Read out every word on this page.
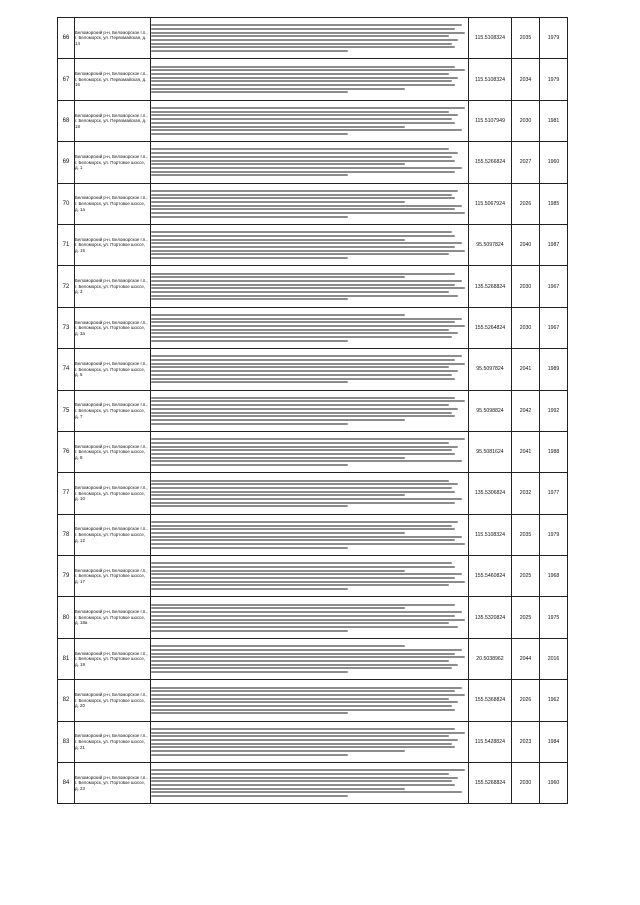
66	Беломорский р-н, Беломорское г.п., г. Беломорск, ул. Первомайская, д. 14		115.5108324	2035	1979
67	Беломорский р-н, Беломорское г.п., г. Беломорск, ул. Первомайская, д. 16		115.5108324	2034	1979
68	Беломорский р-н, Беломорское г.п., г. Беломорск, ул. Первомайская, д. 18		115.5107949	2030	1981
69	Беломорский р-н, Беломорское г.п., г. Беломорск, ул. Портовое шоссе, д. 1		155.5266824	2027	1960
70	Беломорский р-н, Беломорское г.п., г. Беломорск, ул. Портовое шоссе, д. 1а		115.5067924	2026	1985
71	Беломорский р-н, Беломорское г.п., г. Беломорск, ул. Портовое шоссе, д. 15		95.5097824	2040	1987
72	Беломорский р-н, Беломорское г.п., г. Беломорск, ул. Портовое шоссе, д. 3		135.5268824	2030	1967
73	Беломорский р-н, Беломорское г.п., г. Беломорск, ул. Портовое шоссе, д. 3а		155.5264824	2030	1967
74	Беломорский р-н, Беломорское г.п., г. Беломорск, ул. Портовое шоссе, д. 5		95.5097824	2041	1989
75	Беломорский р-н, Беломорское г.п., г. Беломорск, ул. Портовое шоссе, д. 7		95.5098824	2042	1992
76	Беломорский р-н, Беломорское г.п., г. Беломорск, ул. Портовое шоссе, д. 8		95.5081624	2041	1988
77	Беломорский р-н, Беломорское г.п., г. Беломорск, ул. Портовое шоссе, д. 10		135.5306824	2032	1977
78	Беломорский р-н, Беломорское г.п., г. Беломорск, ул. Портовое шоссе, д. 12		115.5108324	2035	1979
79	Беломорский р-н, Беломорское г.п., г. Беломорск, ул. Портовое шоссе, д. 17		155.5460824	2025	1968
80	Беломорский р-н, Беломорское г.п., г. Беломорск, ул. Портовое шоссе, д. 18а		135.5320824	2025	1975
81	Беломорский р-н, Беломорское г.п., г. Беломорск, ул. Портовое шоссе, д. 19		20.5038962	2044	2016
82	Беломорский р-н, Беломорское г.п., г. Беломорск, ул. Портовое шоссе, д. 20		155.5368824	2026	1962
83	Беломорский р-н, Беломорское г.п., г. Беломорск, ул. Портовое шоссе, д. 21		115.5428824	2023	1984
84	Беломорский р-н, Беломорское г.п., г. Беломорск, ул. Портовое шоссе, д. 23		155.5268824	2030	1960
